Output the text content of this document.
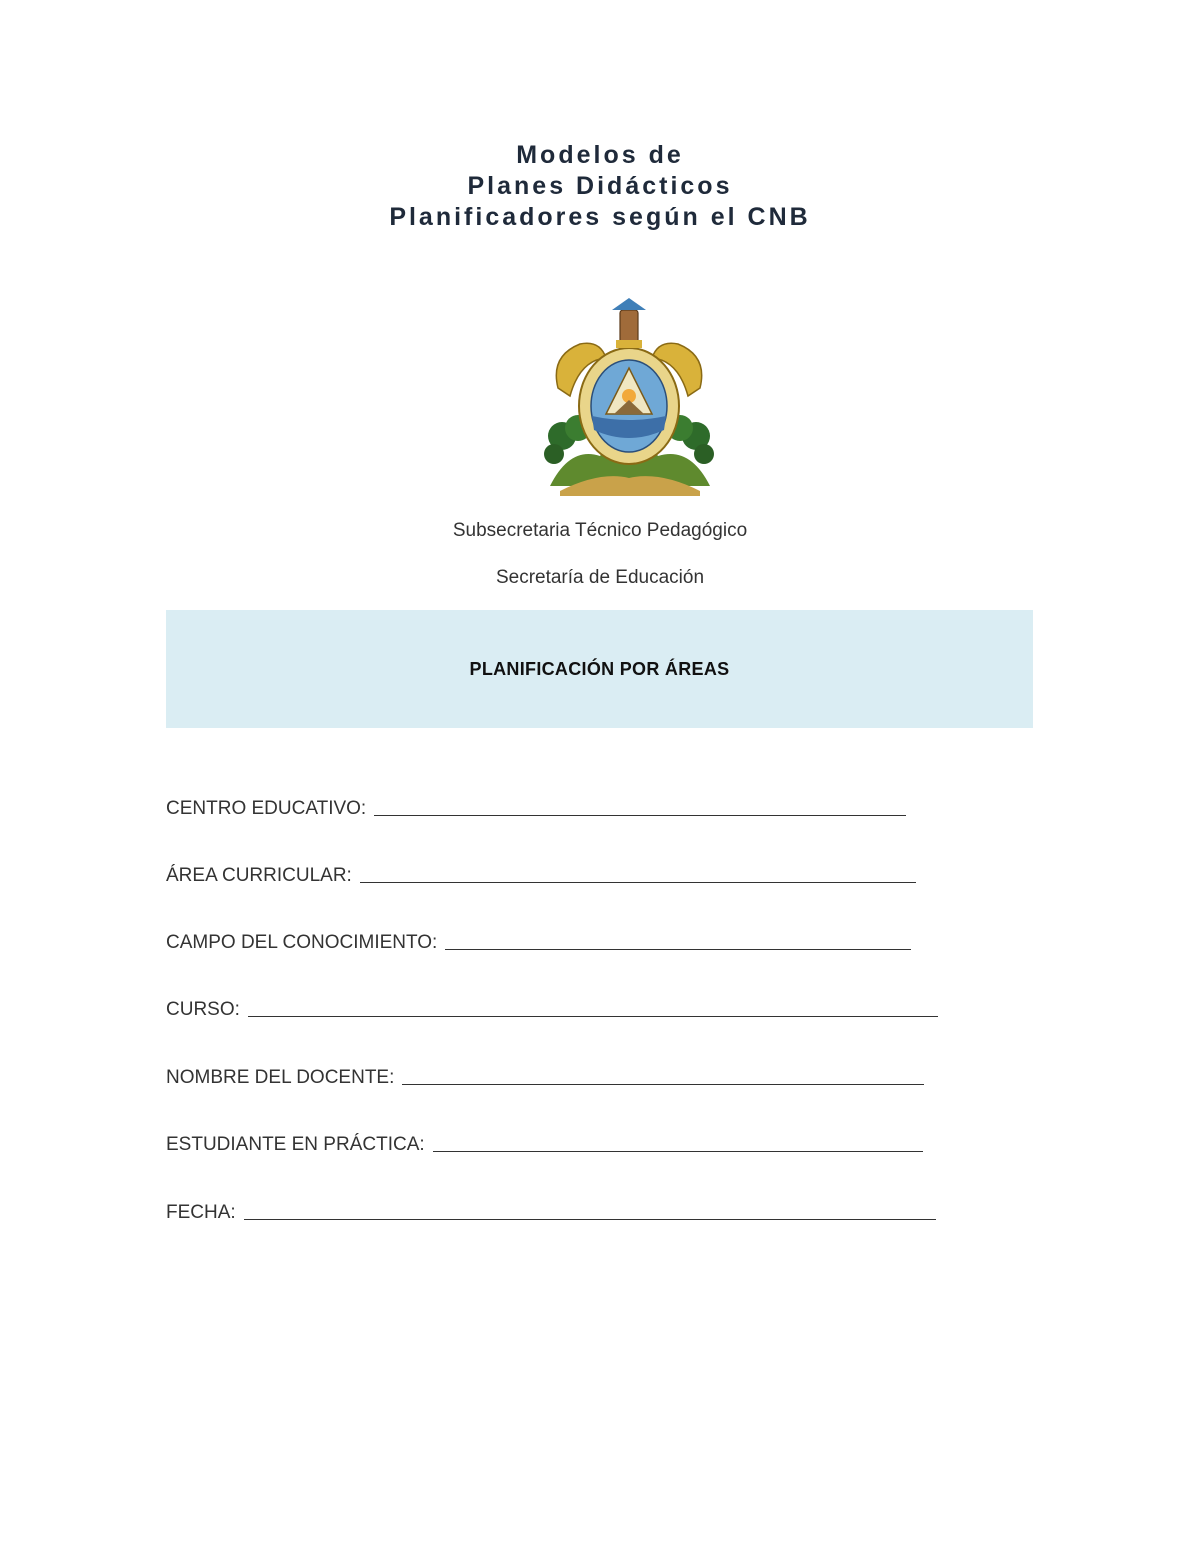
Modelos de
Planes Didácticos
Planificadores según el CNB
Subsecretaria Técnico Pedagógico
Secretaría de Educación
PLANIFICACIÓN POR ÁREAS
CENTRO EDUCATIVO:
ÁREA CURRICULAR:
CAMPO DEL CONOCIMIENTO:
CURSO:
NOMBRE DEL DOCENTE:
ESTUDIANTE EN PRÁCTICA:
FECHA:
